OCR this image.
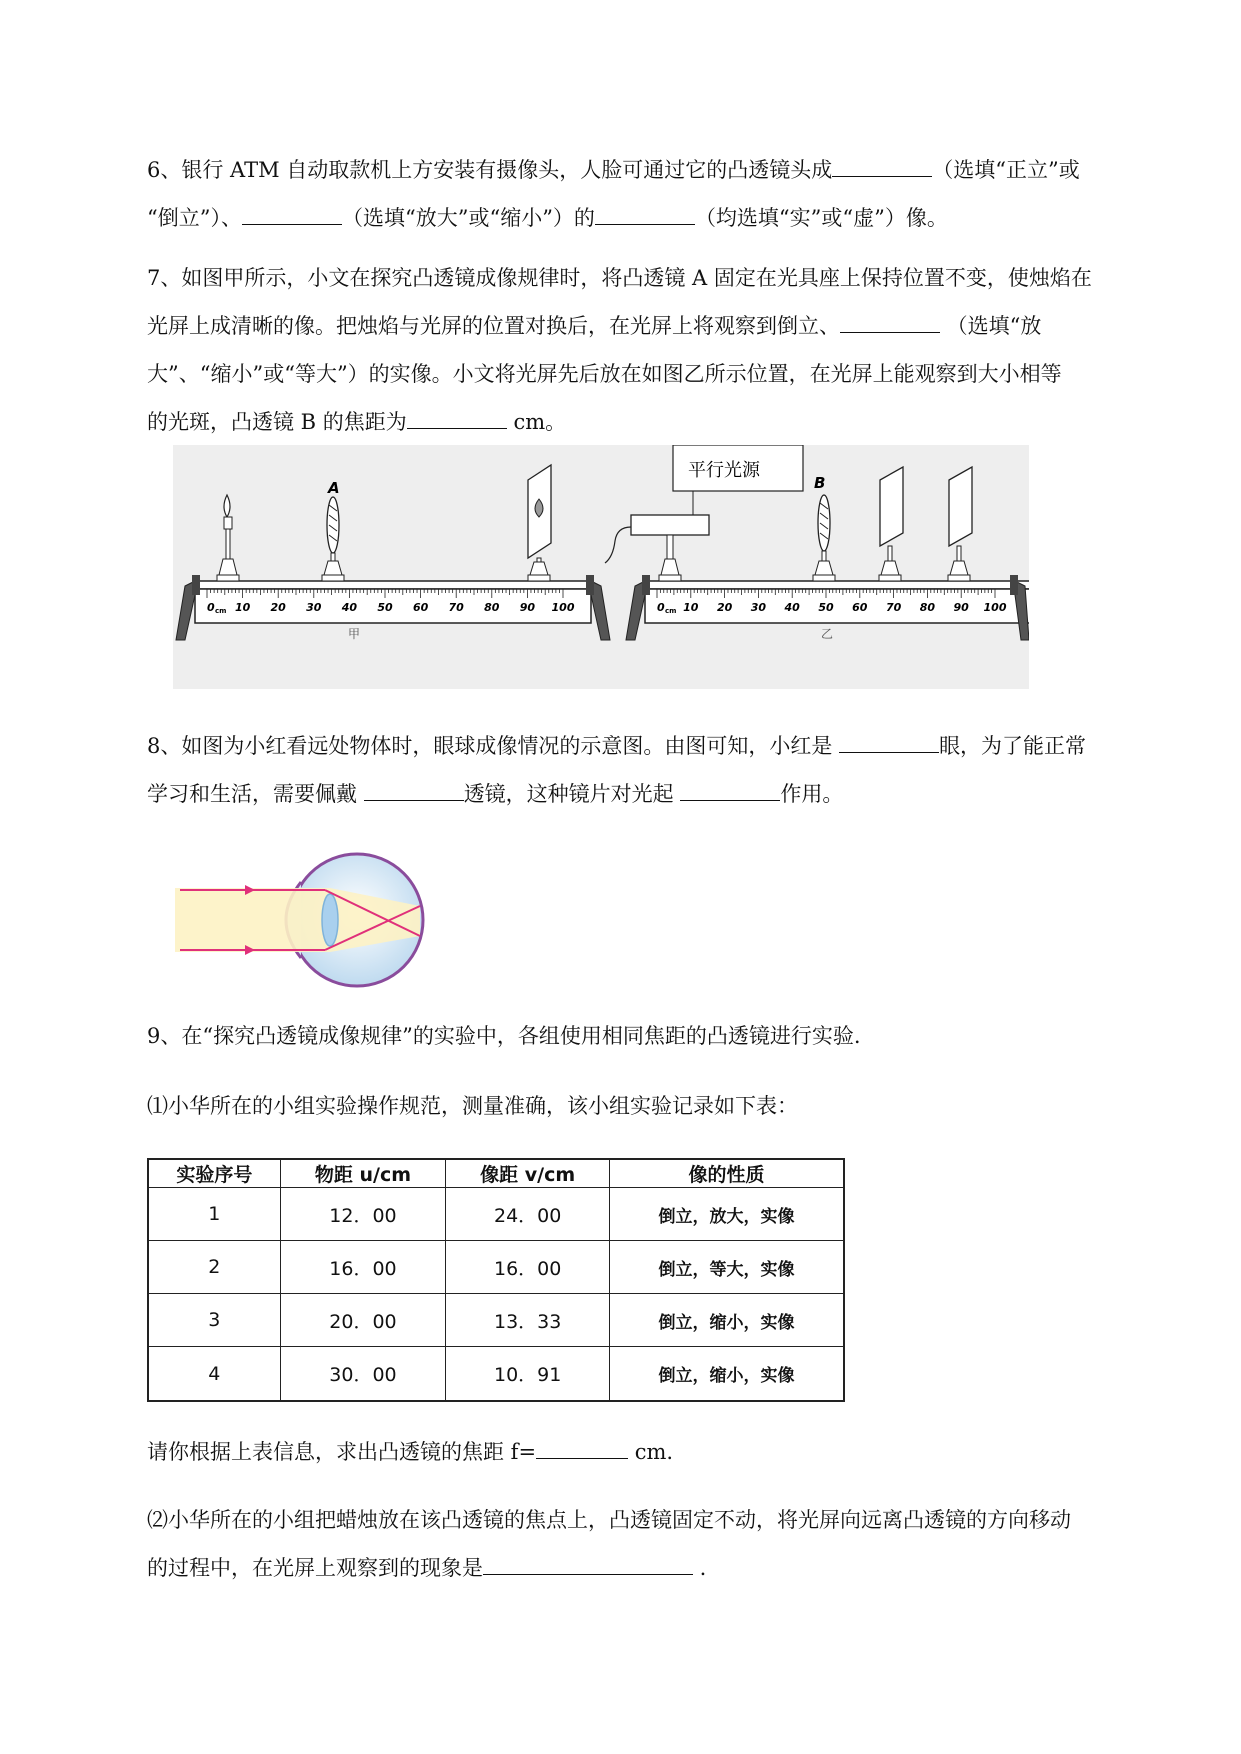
6、银行 ATM 自动取款机上方安装有摄像头，人脸可通过它的凸透镜头成	（选填“正立”或
“倒立”）、	（选填“放大”或“缩小”）的	（均选填“实”或“虚”）像。
7、如图甲所示，小文在探究凸透镜成像规律时，将凸透镜 A 固定在光具座上保持位置不变，使烛焰在
光屏上成清晰的像。把烛焰与光屏的位置对换后，在光屏上将观察到倒立、	（选填“放
大”、“缩小”或“等大”）的实像。小文将光屏先后放在如图乙所示位置，在光屏上能观察到大小相等
的光斑，凸透镜 B 的焦距为	cm。
0 10 20 30 40 50 60 70 80 90 100
cm
A
甲
0 10 20 30 40 50 60 70 80 90 100
cm
平行光源
B
乙
8、如图为小红看远处物体时，眼球成像情况的示意图。由图可知，小红是	眼，为了能正常
学习和生活，需要佩戴	透镜，这种镜片对光起	作用。
9、在“探究凸透镜成像规律”的实验中，各组使用相同焦距的凸透镜进行实验.
⑴小华所在的小组实验操作规范，测量准确，该小组实验记录如下表：
实验序号	物距 u/cm	像距 v/cm	像的性质
1	12．00	24．00	倒立，放大，实像
2	16．00	16．00	倒立，等大，实像
3	20．00	13．33	倒立，缩小，实像
4	30．00	10．91	倒立，缩小，实像
请你根据上表信息，求出凸透镜的焦距 f=	cm.
⑵小华所在的小组把蜡烛放在该凸透镜的焦点上，凸透镜固定不动，将光屏向远离凸透镜的方向移动
的过程中，在光屏上观察到的现象是	.
